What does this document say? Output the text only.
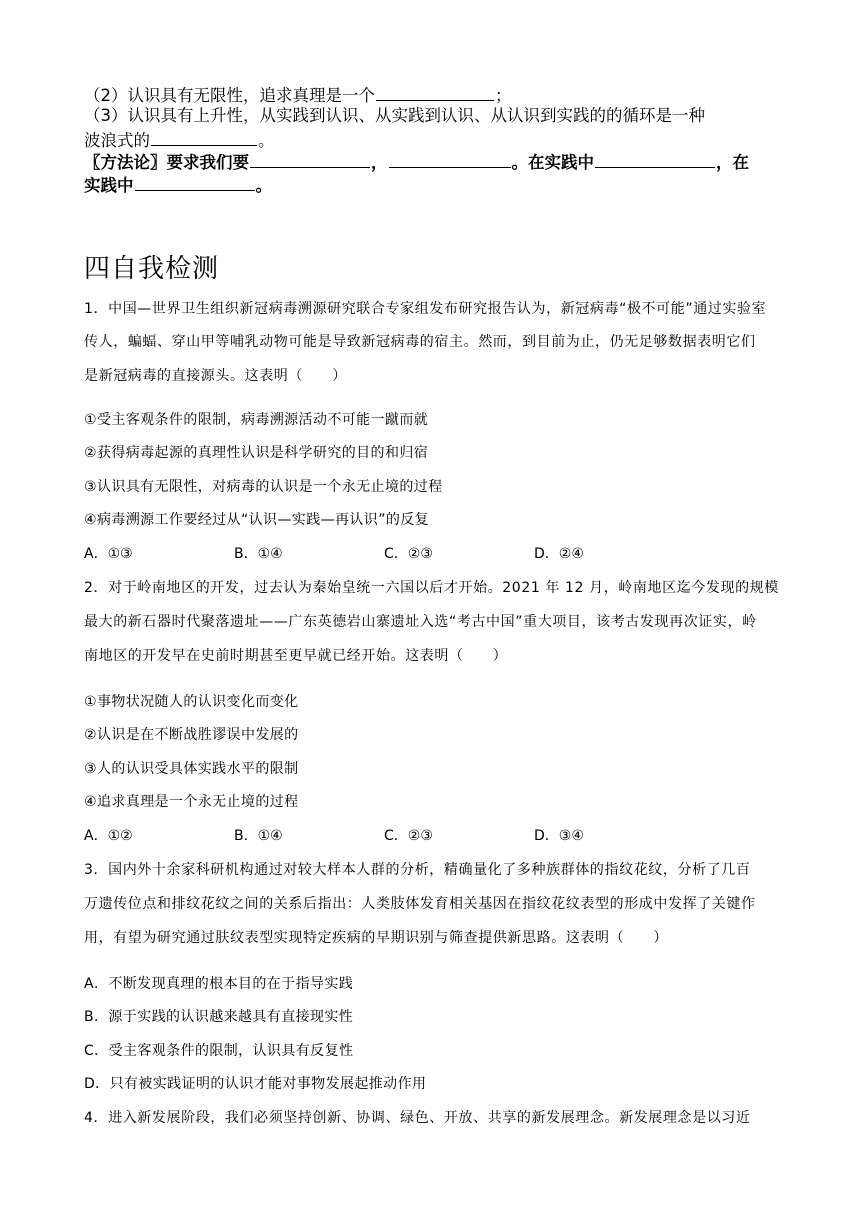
（2）认识具有无限性，追求真理是一个	；
（3）认识具有上升性，从实践到认识、从实践到认识、从认识到实践的的循环是一种
波浪式的	。
〖方法论〗要求我们要	，	。在实践中	，在
实践中	。
四自我检测
1．中国—世界卫生组织新冠病毒溯源研究联合专家组发布研究报告认为，新冠病毒“极不可能”通过实验室
传人，蝙蝠、穿山甲等哺乳动物可能是导致新冠病毒的宿主。然而，到目前为止，仍无足够数据表明它们
是新冠病毒的直接源头。这表明（　　）
①受主客观条件的限制，病毒溯源活动不可能一蹴而就
②获得病毒起源的真理性认识是科学研究的目的和归宿
③认识具有无限性，对病毒的认识是一个永无止境的过程
④病毒溯源工作要经过从“认识—实践—再认识”的反复
A．①③	B．①④	C．②③	D．②④
2．对于岭南地区的开发，过去认为秦始皇统一六国以后才开始。2021 年 12 月，岭南地区迄今发现的规模
最大的新石器时代聚落遗址——广东英德岩山寨遗址入选“考古中国”重大项目，该考古发现再次证实，岭
南地区的开发早在史前时期甚至更早就已经开始。这表明（　　）
①事物状况随人的认识变化而变化
②认识是在不断战胜谬误中发展的
③人的认识受具体实践水平的限制
④追求真理是一个永无止境的过程
A．①②	B．①④	C．②③	D．③④
3．国内外十余家科研机构通过对较大样本人群的分析，精确量化了多种族群体的指纹花纹，分析了几百
万遗传位点和排纹花纹之间的关系后指出：人类肢体发育相关基因在指纹花纹表型的形成中发挥了关键作
用，有望为研究通过肤纹表型实现特定疾病的早期识别与筛查提供新思路。这表明（　　）
A．不断发现真理的根本目的在于指导实践
B．源于实践的认识越来越具有直接现实性
C．受主客观条件的限制，认识具有反复性
D．只有被实践证明的认识才能对事物发展起推动作用
4．进入新发展阶段，我们必须坚持创新、协调、绿色、开放、共享的新发展理念。新发展理念是以习近
